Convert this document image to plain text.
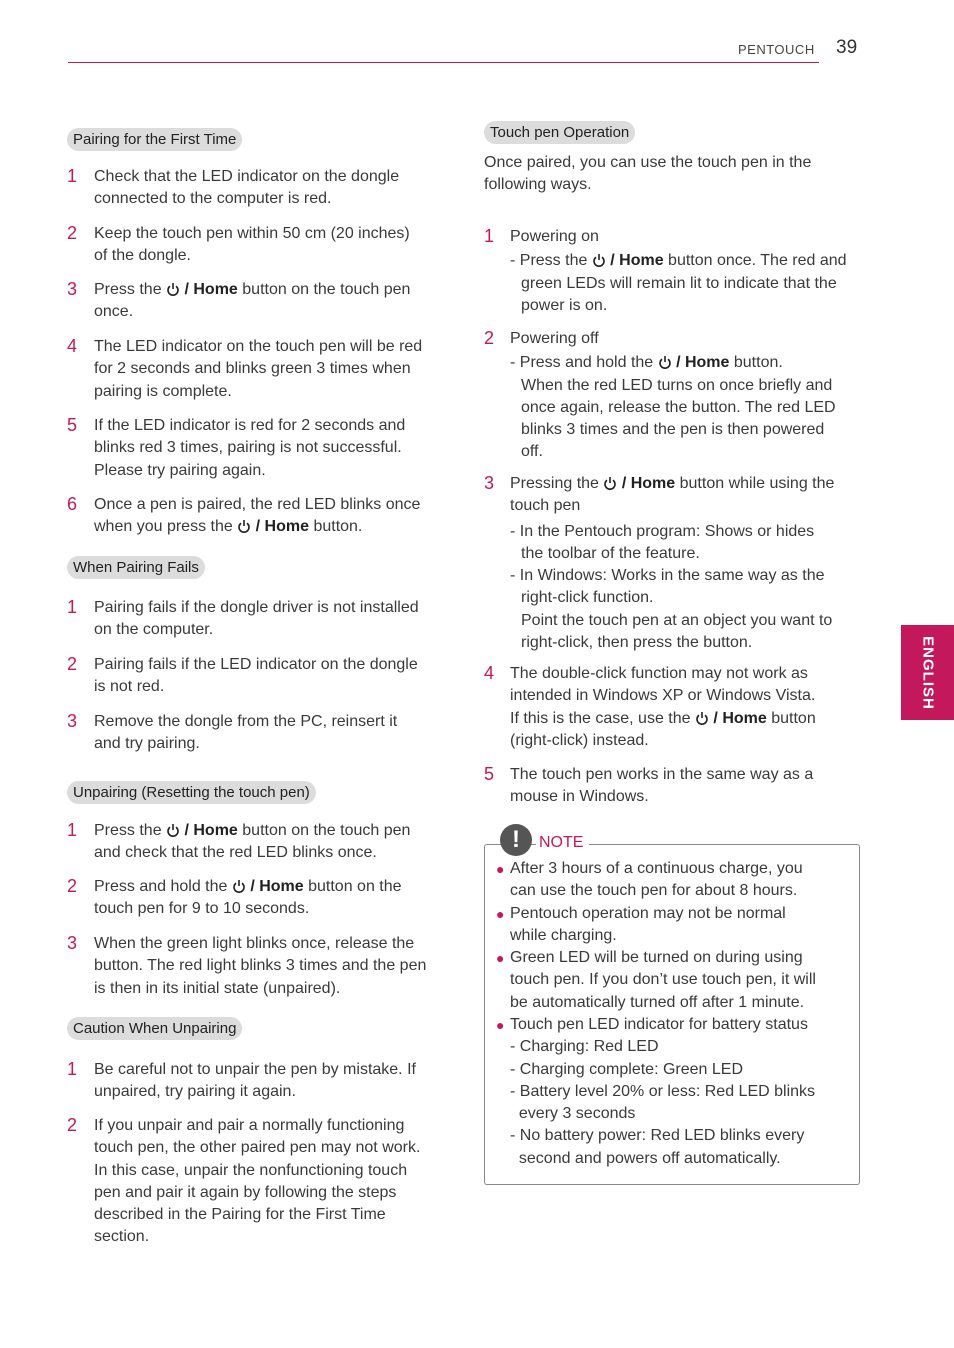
PENTOUCH 39
ENGLISH
Pairing for the First Time
1 Check that the LED indicator on the dongle
connected to the computer is red.
2 Keep the touch pen within 50 cm (20 inches)
of the dongle.
3 Press the  / Home button on the touch pen
once.
4 The LED indicator on the touch pen will be red
for 2 seconds and blinks green 3 times when
pairing is complete.
5 If the LED indicator is red for 2 seconds and
blinks red 3 times, pairing is not successful.
Please try pairing again.
6 Once a pen is paired, the red LED blinks once
when you press the  / Home button.
When Pairing Fails
1 Pairing fails if the dongle driver is not installed
on the computer.
2 Pairing fails if the LED indicator on the dongle
is not red.
3 Remove the dongle from the PC, reinsert it
and try pairing.
Unpairing (Resetting the touch pen)
1 Press the  / Home button on the touch pen
and check that the red LED blinks once.
2 Press and hold the  / Home button on the
touch pen for 9 to 10 seconds.
3 When the green light blinks once, release the
button. The red light blinks 3 times and the pen
is then in its initial state (unpaired).
Caution When Unpairing
1 Be careful not to unpair the pen by mistake. If
unpaired, try pairing it again.
2 If you unpair and pair a normally functioning
touch pen, the other paired pen may not work.
In this case, unpair the nonfunctioning touch
pen and pair it again by following the steps
described in the Pairing for the First Time
section.
Touch pen Operation
Once paired, you can use the touch pen in the
following ways.
1 Powering on
- Press the  / Home button once. The red and
green LEDs will remain lit to indicate that the
power is on.
2 Powering off
- Press and hold the  / Home button.
When the red LED turns on once briefly and
once again, release the button. The red LED
blinks 3 times and the pen is then powered
off.
3 Pressing the  / Home button while using the
touch pen
- In the Pentouch program: Shows or hides
the toolbar of the feature.
- In Windows: Works in the same way as the
right-click function.
Point the touch pen at an object you want to
right-click, then press the button.
4 The double-click function may not work as
intended in Windows XP or Windows Vista.
If this is the case, use the  / Home button
(right-click) instead.
5 The touch pen works in the same way as a
mouse in Windows.
!	NOTE
● After 3 hours of a continuous charge, you
can use the touch pen for about 8 hours.
● Pentouch operation may not be normal
while charging.
● Green LED will be turned on during using
touch pen. If you don’t use touch pen, it will
be automatically turned off after 1 minute.
● Touch pen LED indicator for battery status
- Charging: Red LED
- Charging complete: Green LED
- Battery level 20% or less: Red LED blinks
every 3 seconds
- No battery power: Red LED blinks every
second and powers off automatically.
